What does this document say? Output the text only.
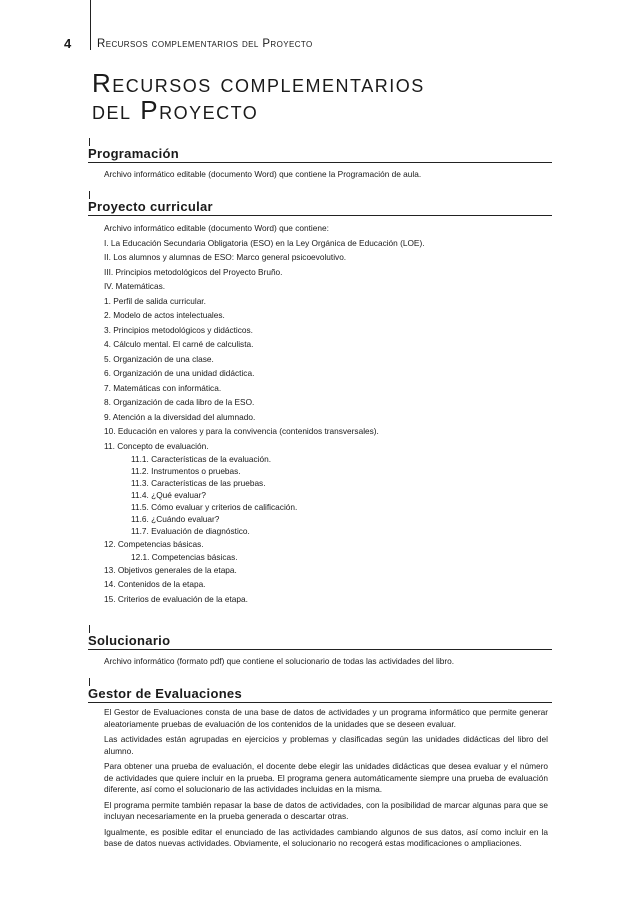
4 Recursos complementarios del Proyecto
Recursos complementarios
del Proyecto
Programación
Archivo informático editable (documento Word) que contiene la Programación de aula.
Proyecto curricular
Archivo informático editable (documento Word) que contiene:
I. La Educación Secundaria Obligatoria (ESO) en la Ley Orgánica de Educación (LOE).
II. Los alumnos y alumnas de ESO: Marco general psicoevolutivo.
III. Principios metodológicos del Proyecto Bruño.
IV. Matemáticas.
1. Perfil de salida curricular.
2. Modelo de actos intelectuales.
3. Principios metodológicos y didácticos.
4. Cálculo mental. El carné de calculista.
5. Organización de una clase.
6. Organización de una unidad didáctica.
7. Matemáticas con informática.
8. Organización de cada libro de la ESO.
9. Atención a la diversidad del alumnado.
10. Educación en valores y para la convivencia (contenidos transversales).
11. Concepto de evaluación.
11.1. Características de la evaluación.
11.2. Instrumentos o pruebas.
11.3. Características de las pruebas.
11.4. ¿Qué evaluar?
11.5. Cómo evaluar y criterios de calificación.
11.6. ¿Cuándo evaluar?
11.7. Evaluación de diagnóstico.
12. Competencias básicas.
12.1. Competencias básicas.
13. Objetivos generales de la etapa.
14. Contenidos de la etapa.
15. Criterios de evaluación de la etapa.
Solucionario
Archivo informático (formato pdf) que contiene el solucionario de todas las actividades del libro.
Gestor de Evaluaciones
El Gestor de Evaluaciones consta de una base de datos de actividades y un programa informático que permite generar aleatoriamente pruebas de evaluación de los contenidos de la unidades que se deseen evaluar.
Las actividades están agrupadas en ejercicios y problemas y clasificadas según las unidades didácticas del libro del alumno.
Para obtener una prueba de evaluación, el docente debe elegir las unidades didácticas que desea evaluar y el número de actividades que quiere incluir en la prueba. El programa genera automáticamente siempre una prueba de evaluación diferente, así como el solucionario de las actividades incluidas en la misma.
El programa permite también repasar la base de datos de actividades, con la posibilidad de marcar algunas para que se incluyan necesariamente en la prueba generada o descartar otras.
Igualmente, es posible editar el enunciado de las actividades cambiando algunos de sus datos, así como incluir en la base de datos nuevas actividades. Obviamente, el solucionario no recogerá estas modificaciones o ampliaciones.
